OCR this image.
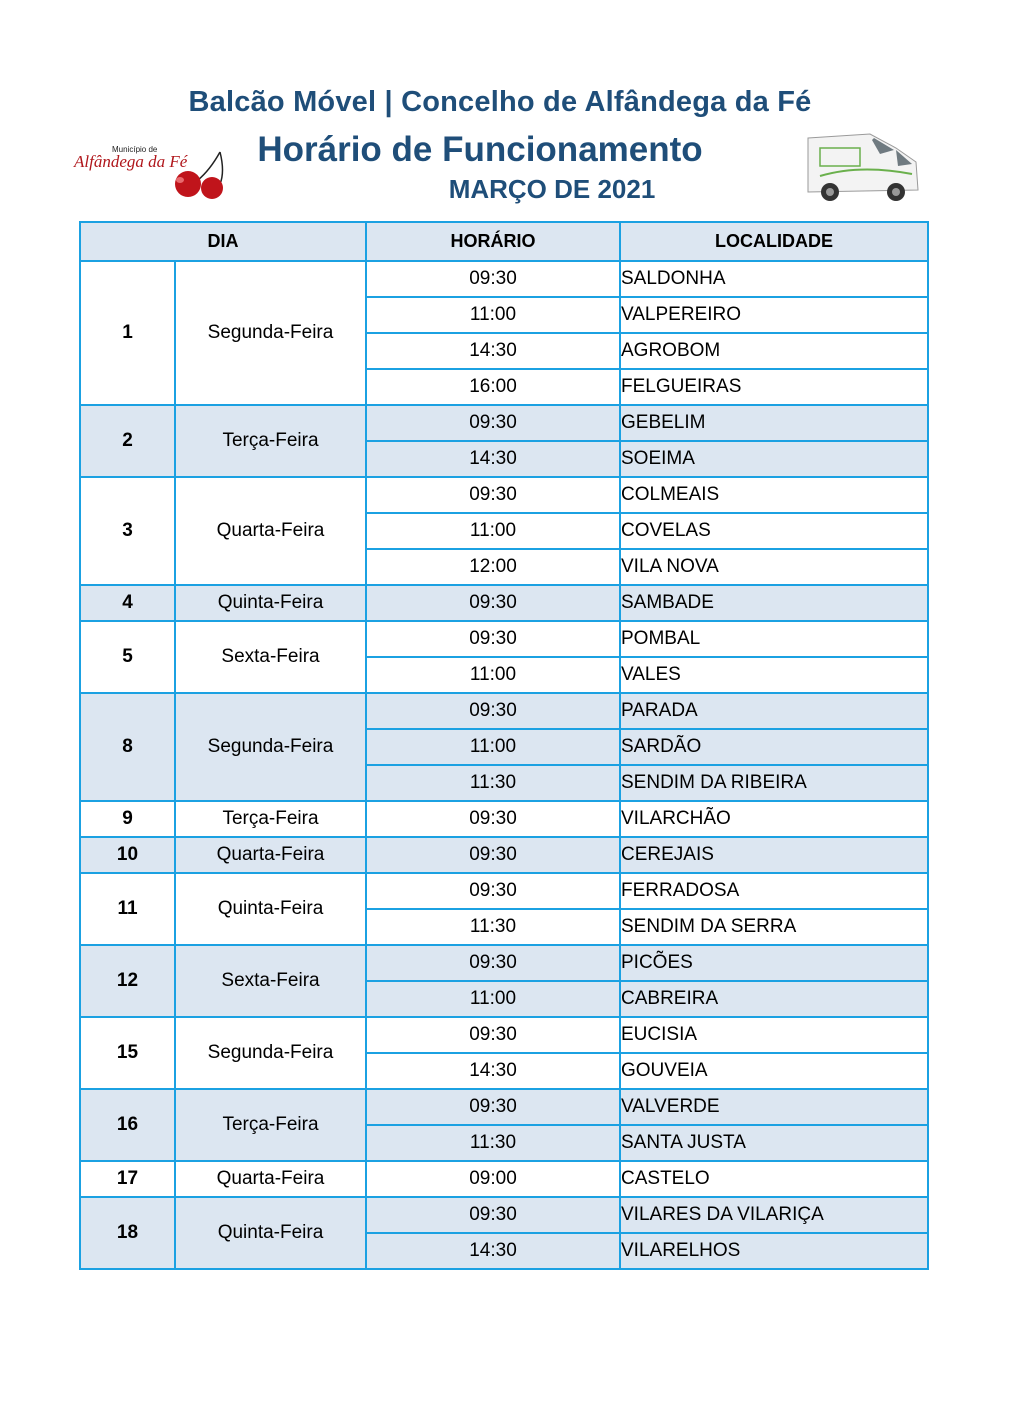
Balcão Móvel | Concelho de Alfândega da Fé
Horário de Funcionamento
MARÇO DE 2021
Município de
Alfândega da Fé
DIA		HORÁRIO	LOCALIDADE
1	Segunda-Feira	09:30	SALDONHA
		11:00	VALPEREIRO
		14:30	AGROBOM
		16:00	FELGUEIRAS
2	Terça-Feira	09:30	GEBELIM
		14:30	SOEIMA
3	Quarta-Feira	09:30	COLMEAIS
		11:00	COVELAS
		12:00	VILA NOVA
4	Quinta-Feira	09:30	SAMBADE
5	Sexta-Feira	09:30	POMBAL
		11:00	VALES
8	Segunda-Feira	09:30	PARADA
		11:00	SARDÃO
		11:30	SENDIM DA RIBEIRA
9	Terça-Feira	09:30	VILARCHÃO
10	Quarta-Feira	09:30	CEREJAIS
11	Quinta-Feira	09:30	FERRADOSA
		11:30	SENDIM DA SERRA
12	Sexta-Feira	09:30	PICÕES
		11:00	CABREIRA
15	Segunda-Feira	09:30	EUCISIA
		14:30	GOUVEIA
16	Terça-Feira	09:30	VALVERDE
		11:30	SANTA JUSTA
17	Quarta-Feira	09:00	CASTELO
18	Quinta-Feira	09:30	VILARES DA VILARIÇA
		14:30	VILARELHOS
